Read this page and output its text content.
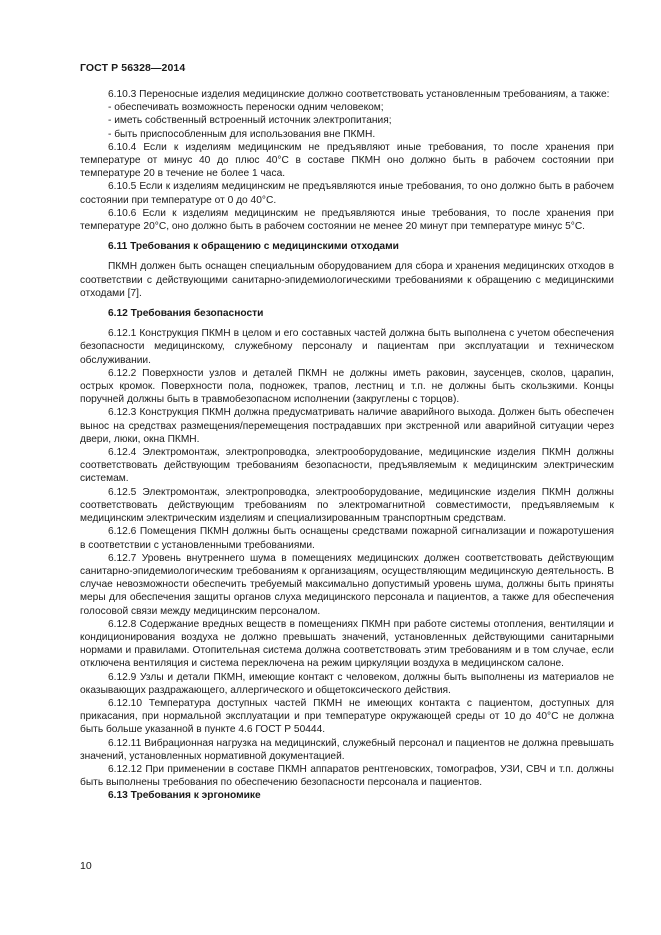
ГОСТ Р 56328—2014

6.10.3 Переносные изделия медицинские должно соответствовать установленным требованиям, а также:

- обеспечивать возможность переноски одним человеком;

- иметь собственный встроенный источник электропитания;

- быть приспособленным для использования вне ПКМН.

6.10.4 Если к изделиям медицинским не предъявляют иные требования, то после хранения при температуре от минус 40 до плюс 40°С в составе ПКМН оно должно быть в рабочем состоянии при температуре 20 в течение не более 1 часа.

6.10.5 Если к изделиям медицинским не предъявляются иные требования, то оно должно быть в рабочем состоянии при температуре от 0 до 40°С.

6.10.6 Если к изделиям медицинским не предъявляются иные требования, то после хранения при температуре 20°С, оно должно быть в рабочем состоянии не менее 20 минут при температуре минус 5°С.

6.11 Требования к обращению с медицинскими отходами

ПКМН должен быть оснащен специальным оборудованием для сбора и хранения медицинских отходов в соответствии с действующими санитарно-эпидемиологическими требованиями к обращению с медицинскими отходами [7].

6.12 Требования безопасности

6.12.1 Конструкция ПКМН в целом и его составных частей должна быть выполнена с учетом обеспечения безопасности медицинскому, служебному персоналу и пациентам при эксплуатации и техническом обслуживании.

6.12.2 Поверхности узлов и деталей ПКМН не должны иметь раковин, заусенцев, сколов, царапин, острых кромок. Поверхности пола, подножек, трапов, лестниц и т.п. не должны быть скользкими. Концы поручней должны быть в травмобезопасном исполнении (закруглены с торцов).

6.12.3 Конструкция ПКМН должна предусматривать наличие аварийного выхода. Должен быть обеспечен вынос на средствах размещения/перемещения пострадавших при экстренной или аварийной ситуации через двери, люки, окна ПКМН.

6.12.4 Электромонтаж, электропроводка, электрооборудование, медицинские изделия ПКМН должны соответствовать действующим требованиям безопасности, предъявляемым к медицинским электрическим системам.

6.12.5 Электромонтаж, электропроводка, электрооборудование, медицинские изделия ПКМН должны соответствовать действующим требованиям по электромагнитной совместимости, предъявляемым к медицинским электрическим изделиям и специализированным транспортным средствам.

6.12.6 Помещения ПКМН должны быть оснащены средствами пожарной сигнализации и пожаротушения в соответствии с установленными требованиями.

6.12.7 Уровень внутреннего шума в помещениях медицинских должен соответствовать действующим санитарно-эпидемиологическим требованиям к организациям, осуществляющим медицинскую деятельность. В случае невозможности обеспечить требуемый максимально допустимый уровень шума, должны быть приняты меры для обеспечения защиты органов слуха медицинского персонала и пациентов, а также для обеспечения голосовой связи между медицинским персоналом.

6.12.8 Содержание вредных веществ в помещениях ПКМН при работе системы отопления, вентиляции и кондиционирования воздуха не должно превышать значений, установленных действующими санитарными нормами и правилами. Отопительная система должна соответствовать этим требованиям и в том случае, если отключена вентиляция и система переключена на режим циркуляции воздуха в медицинском салоне.

6.12.9 Узлы и детали ПКМН, имеющие контакт с человеком, должны быть выполнены из материалов не оказывающих раздражающего, аллергического и общетоксического действия.

6.12.10 Температура доступных частей ПКМН не имеющих контакта с пациентом, доступных для прикасания, при нормальной эксплуатации и при температуре окружающей среды от 10 до 40°С не должна быть больше указанной в пункте 4.6 ГОСТ Р 50444.

6.12.11 Вибрационная нагрузка на медицинский, служебный персонал и пациентов не должна превышать значений, установленных нормативной документацией.

6.12.12 При применении в составе ПКМН аппаратов рентгеновских, томографов, УЗИ, СВЧ и т.п. должны быть выполнены требования по обеспечению безопасности персонала и пациентов.

6.13 Требования к эргономике

10
